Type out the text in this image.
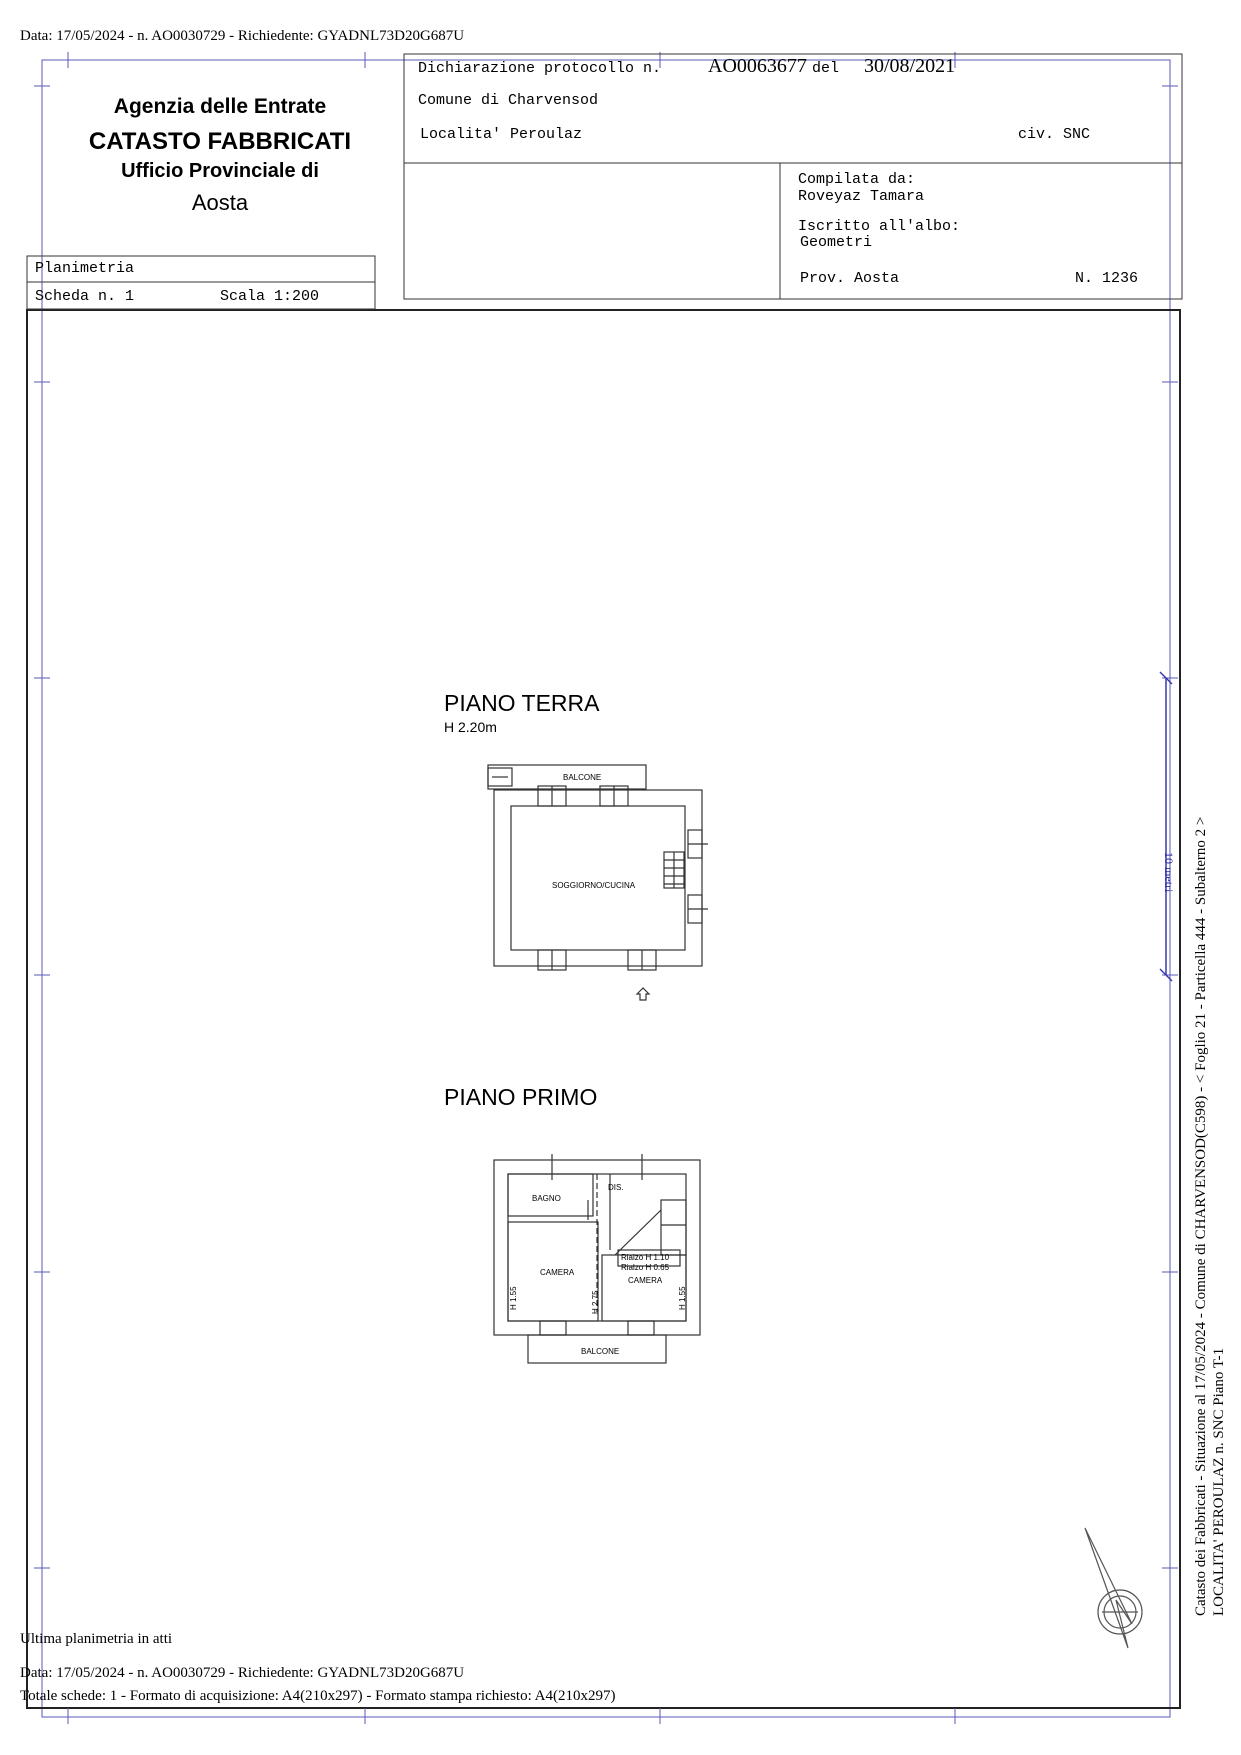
Data: 17/05/2024 - n. AO0030729 - Richiedente: GYADNL73D20G687U
Agenzia delle Entrate
CATASTO FABBRICATI
Ufficio Provinciale di
Aosta
Planimetria
Scheda n. 1	Scala 1:200
Dichiarazione protocollo n. AO0063677 del 30/08/2021
Comune di Charvensod
Localita' Peroulaz	civ. SNC
Compilata da:
Roveyaz Tamara
Iscritto all'albo:
Geometri
Prov. Aosta	N. 1236
PIANO TERRA
H 2.20m
BALCONE
SOGGIORNO/CUCINA
PIANO PRIMO
BAGNO
DIS.
CAMERA
CAMERA
Rialzo H 1.10
Rialzo H 0.65
H 1.55	H 2.75	H 1.55
BALCONE
10 metri Catasto dei Fabbricati - Situazione al 17/05/2024 - Comune di CHARVENSOD(C598) - < Foglio 21 - Particella 444 - Subalterno 2 > LOCALITA' PEROULAZ n. SNC Piano T-1
Ultima planimetria in atti
Data: 17/05/2024 - n. AO0030729 - Richiedente: GYADNL73D20G687U
Totale schede: 1 - Formato di acquisizione: A4(210x297) - Formato stampa richiesto: A4(210x297)
